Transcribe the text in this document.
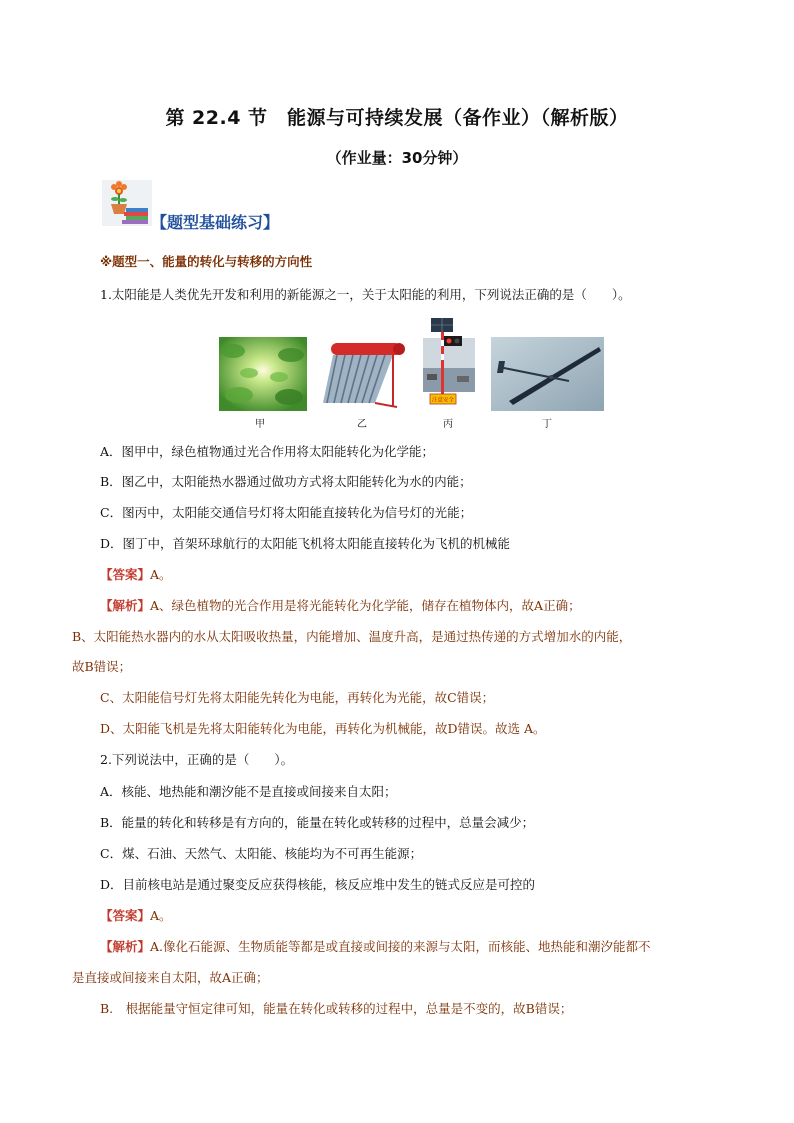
第 22.4 节　能源与可持续发展（备作业）（解析版）
（作业量：30分钟）
【题型基础练习】
※题型一、能量的转化与转移的方向性
1.太阳能是人类优先开发和利用的新能源之一，关于太阳能的利用，下列说法正确的是（　　）。
注意安全
甲	乙	丙	丁
A．图甲中，绿色植物通过光合作用将太阳能转化为化学能；
B．图乙中，太阳能热水器通过做功方式将太阳能转化为水的内能；
C．图丙中，太阳能交通信号灯将太阳能直接转化为信号灯的光能；
D．图丁中，首架环球航行的太阳能飞机将太阳能直接转化为飞机的机械能
【答案】A。
【解析】A、绿色植物的光合作用是将光能转化为化学能，储存在植物体内，故A正确；
B、太阳能热水器内的水从太阳吸收热量，内能增加、温度升高，是通过热传递的方式增加水的内能，
故B错误；
C、太阳能信号灯先将太阳能先转化为电能，再转化为光能，故C错误；
D、太阳能飞机是先将太阳能转化为电能，再转化为机械能，故D错误。故选 A。
2.下列说法中，正确的是（　　）。
A．核能、地热能和潮汐能不是直接或间接来自太阳；
B．能量的转化和转移是有方向的，能量在转化或转移的过程中，总量会减少；
C．煤、石油、天然气、太阳能、核能均为不可再生能源；
D．目前核电站是通过聚变反应获得核能，核反应堆中发生的链式反应是可控的
【答案】A。
【解析】A.像化石能源、生物质能等都是或直接或间接的来源与太阳，而核能、地热能和潮汐能都不
是直接或间接来自太阳，故A正确；
B.　根据能量守恒定律可知，能量在转化或转移的过程中，总量是不变的，故B错误；
